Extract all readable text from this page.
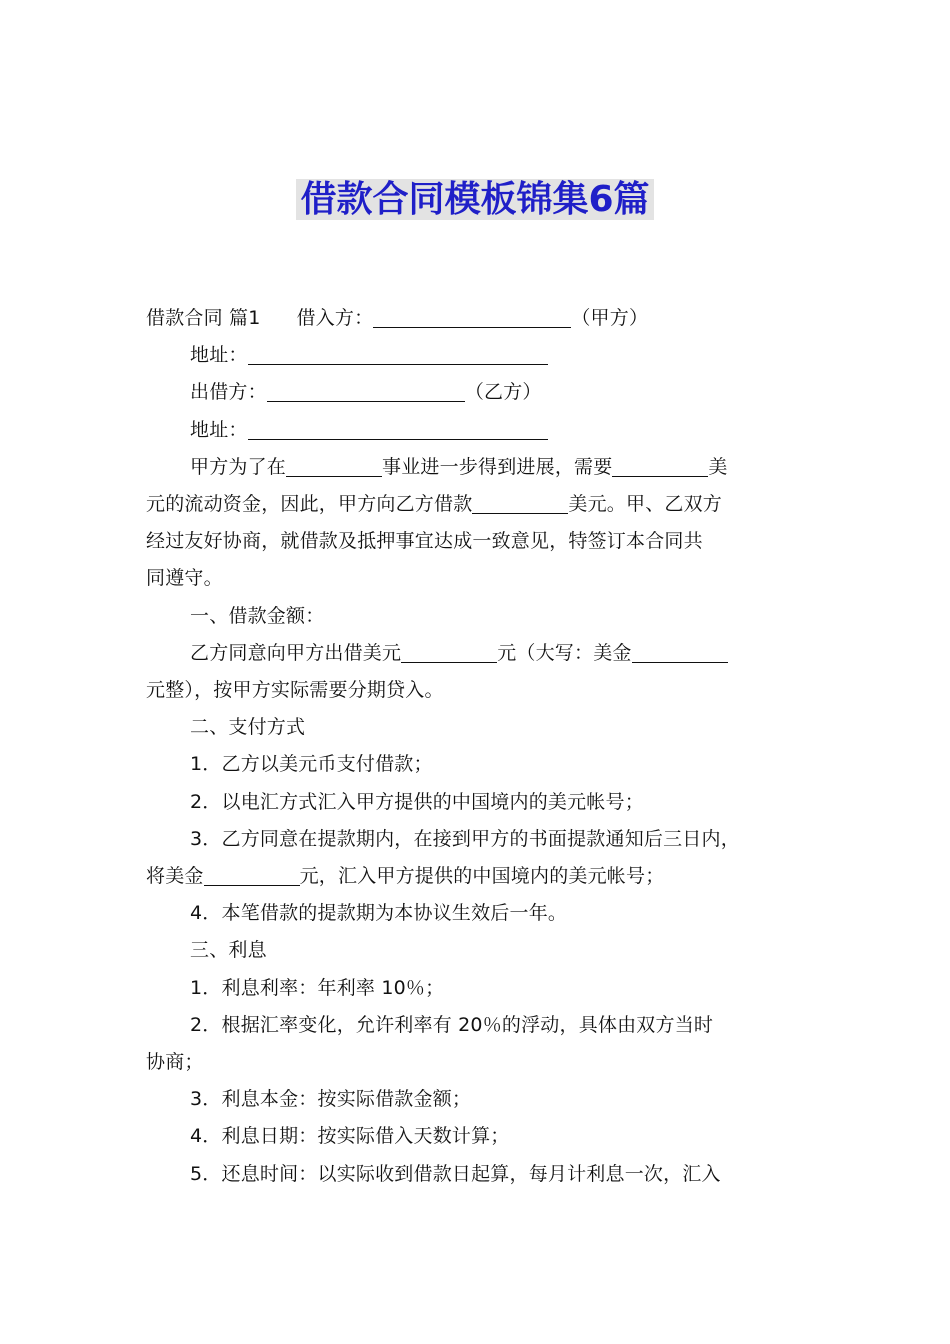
借款合同模板锦集6篇
借款合同 篇1 借入方：	（甲方）
地址：
出借方：	（乙方）
地址：
甲方为了在	事业进一步得到进展，需要	美
元的流动资金，因此，甲方向乙方借款	美元。甲、乙双方
经过友好协商，就借款及抵押事宜达成一致意见，特签订本合同共
同遵守。
一、借款金额：
乙方同意向甲方出借美元	元（大写：美金
元整），按甲方实际需要分期贷入。
二、支付方式
1．乙方以美元币支付借款；
2．以电汇方式汇入甲方提供的中国境内的美元帐号；
3．乙方同意在提款期内，在接到甲方的书面提款通知后三日内，
将美金	元，汇入甲方提供的中国境内的美元帐号；
4．本笔借款的提款期为本协议生效后一年。
三、利息
1．利息利率：年利率 10％；
2．根据汇率变化，允许利率有 20％的浮动，具体由双方当时
协商；
3．利息本金：按实际借款金额；
4．利息日期：按实际借入天数计算；
5．还息时间：以实际收到借款日起算，每月计利息一次，汇入
